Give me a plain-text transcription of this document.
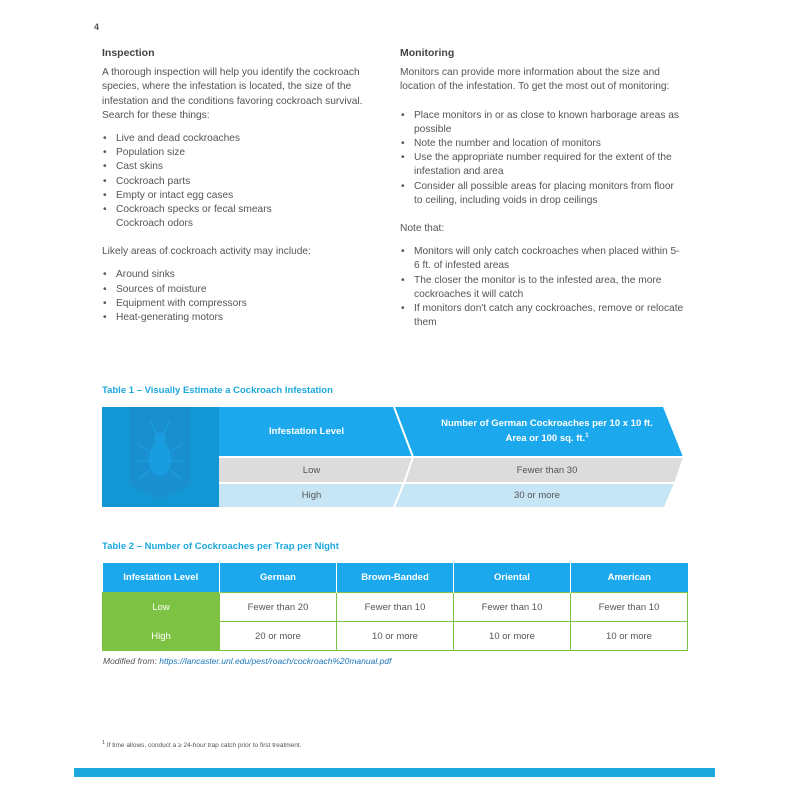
4
Inspection

A thorough inspection will help you identify the cockroach species, where the infestation is located, the size of the infestation and the conditions favoring cockroach survival. Search for these things:

• Live and dead cockroaches
• Population size
• Cast skins
• Cockroach parts
• Empty or intact egg cases
• Cockroach specks or fecal smears
• Cockroach odors

Likely areas of cockroach activity may include:

• Around sinks
• Sources of moisture
• Equipment with compressors
• Heat-generating motors
Monitoring

Monitors can provide more information about the size and location of the infestation. To get the most out of monitoring:

• Place monitors in or as close to known harborage areas as possible
• Note the number and location of monitors
• Use the appropriate number required for the extent of the infestation and area
• Consider all possible areas for placing monitors from floor to ceiling, including voids in drop ceilings

Note that:

• Monitors will only catch cockroaches when placed within 5-6 ft. of infested areas
• The closer the monitor is to the infested area, the more cockroaches it will catch
• If monitors don't catch any cockroaches, remove or relocate them
Table 1 – Visually Estimate a Cockroach Infestation
Infestation Level
Number of German Cockroaches per 10 x 10 ft. Area or 100 sq. ft.$^1$
Low	Fewer than 30
High	30 or more
Table 2 – Number of Cockroaches per Trap per Night
Infestation Level	German	Brown-Banded	Oriental	American
Low	Fewer than 20	Fewer than 10	Fewer than 10	Fewer than 10
High	20 or more	10 or more	10 or more	10 or more
Modified from: https://lancaster.unl.edu/pest/roach/cockroach%20manual.pdf
$^1$ If time allows, conduct a ≥ 24-hour trap catch prior to first treatment.
